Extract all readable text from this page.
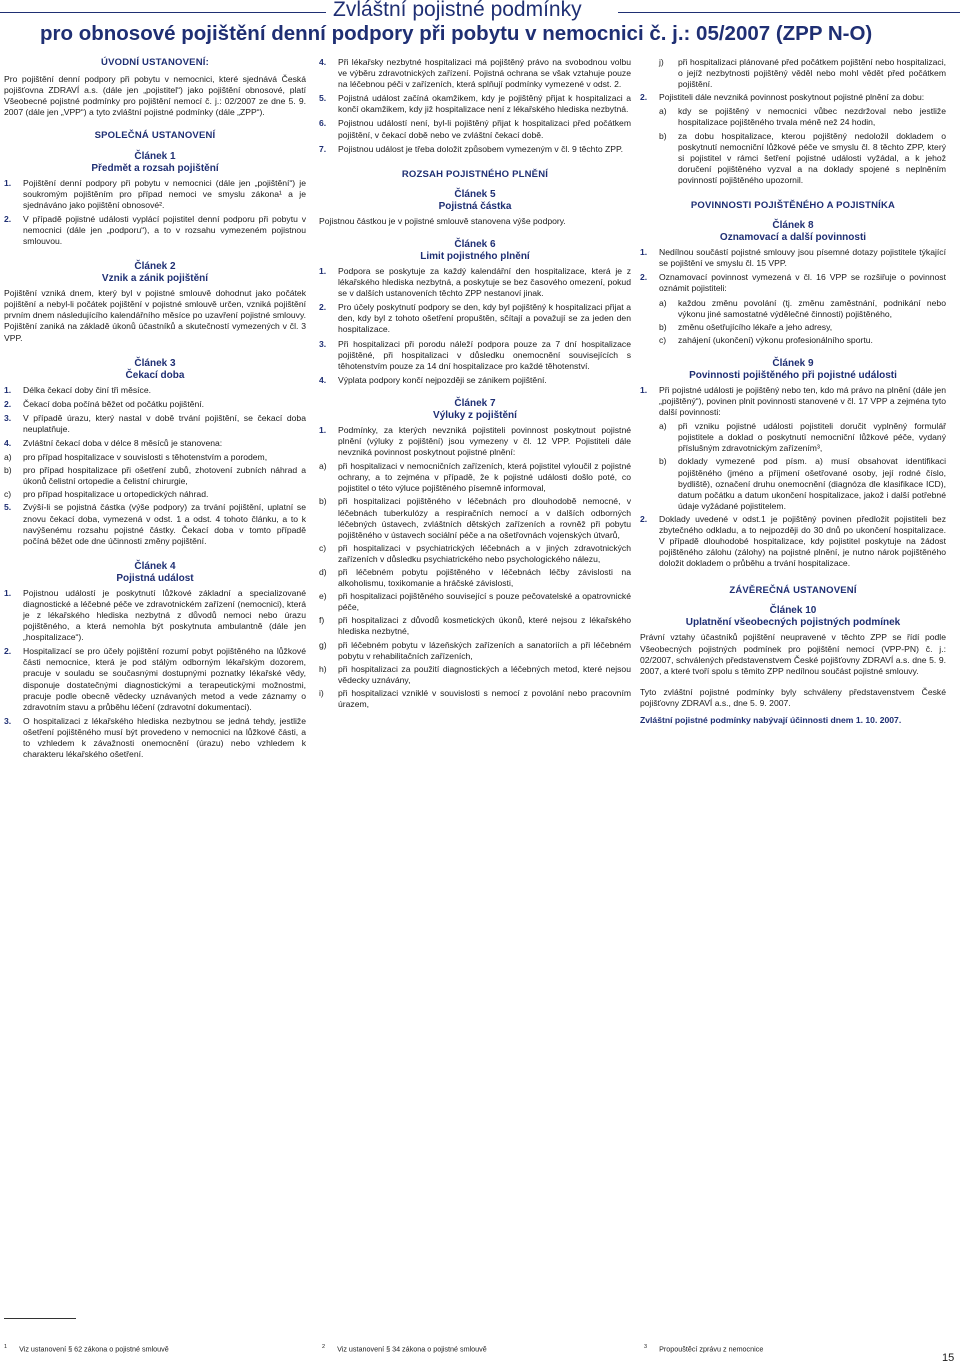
Zvláštní pojistné podmínky
pro obnosové pojištění denní podpory při pobytu v nemocnici č. j.: 05/2007 (ZPP N-O)
ÚVODNÍ USTANOVENÍ:
Pro pojištění denní podpory při pobytu v nemocnici, které sjednává Česká pojišťovna ZDRAVÍ a.s. (dále jen „pojistitel“) jako pojištění obnosové, platí Všeobecné pojistné podmínky pro pojištění nemocí č. j.: 02/2007 ze dne 5. 9. 2007 (dále jen „VPP“) a tyto zvláštní pojistné podmínky (dále „ZPP“).
SPOLEČNÁ USTANOVENÍ
Článek 1
Předmět a rozsah pojištění
1.	Pojištění denní podpory při pobytu v nemocnici (dále jen „pojištění“) je soukromým pojištěním pro případ nemoci ve smyslu zákona¹ a je sjednáváno jako pojištění obnosové².
2.	V případě pojistné události vyplácí pojistitel denní podporu při pobytu v nemocnici (dále jen „podporu“), a to v rozsahu vymezeném pojistnou smlouvou.
Článek 2
Vznik a zánik pojištění
Pojištění vzniká dnem, který byl v pojistné smlouvě dohodnut jako počátek pojištění a nebyl-li počátek pojištění v pojistné smlouvě určen, vzniká pojištění prvním dnem následujícího kalendářního měsíce po uzavření pojistné smlouvy. Pojištění zaniká na základě úkonů účastníků a skutečností vymezených v čl. 3 VPP.
Článek 3
Čekací doba
1.	Délka čekací doby činí tři měsíce.
2.	Čekací doba počíná běžet od počátku pojištění.
3.	V případě úrazu, který nastal v době trvání pojištění, se čekací doba neuplatňuje.
4.	Zvláštní čekací doba v délce 8 měsíců je stanovena:
a)	pro případ hospitalizace v souvislosti s těhotenstvím a porodem,
b)	pro případ hospitalizace při ošetření zubů, zhotovení zubních náhrad a úkonů čelistní ortopedie a čelistní chirurgie,
c)	pro případ hospitalizace u ortopedických náhrad.
5.	Zvýší-li se pojistná částka (výše podpory) za trvání pojištění, uplatní se znovu čekací doba, vymezená v odst. 1 a odst. 4 tohoto článku, a to k navýšenému rozsahu pojistné částky. Čekací doba v tomto případě počíná běžet ode dne účinnosti změny pojištění.
Článek 4
Pojistná událost
1.	Pojistnou událostí je poskytnutí lůžkové základní a specializované diagnostické a léčebné péče ve zdravotnickém zařízení (nemocnici), která je z lékařského hlediska nezbytná z důvodů nemoci nebo úrazu pojištěného, a která nemohla být poskytnuta ambulantně (dále jen „hospitalizace“).
2.	Hospitalizací se pro účely pojištění rozumí pobyt pojištěného na lůžkové části nemocnice, která je pod stálým odborným lékařským dozorem, pracuje v souladu se současnými dostupnými poznatky lékařské vědy, disponuje dostatečnými diagnostickými a terapeutickými možnostmi, pracuje podle obecně vědecky uznávaných metod a vede záznamy o zdravotním stavu a průběhu léčení (zdravotní dokumentaci).
3.	O hospitalizaci z lékařského hlediska nezbytnou se jedná tehdy, jestliže ošetření pojištěného musí být provedeno v nemocnici na lůžkové části, a to vzhledem k závažnosti onemocnění (úrazu) nebo vzhledem k charakteru lékařského ošetření.
4.	Při lékařsky nezbytné hospitalizaci má pojištěný právo na svobodnou volbu ve výběru zdravotnických zařízení. Pojistná ochrana se však vztahuje pouze na léčebnou péči v zařízeních, která splňují podmínky vymezené v odst. 2.
5.	Pojistná událost začíná okamžikem, kdy je pojištěný přijat k hospitalizaci a končí okamžikem, kdy již hospitalizace není z lékařského hlediska nezbytná.
6.	Pojistnou událostí není, byl-li pojištěný přijat k hospitalizaci před počátkem pojištění, v čekací době nebo ve zvláštní čekací době.
7.	Pojistnou událost je třeba doložit způsobem vymezeným v čl. 9 těchto ZPP.
ROZSAH POJISTNÉHO PLNĚNÍ
Článek 5
Pojistná částka
Pojistnou částkou je v pojistné smlouvě stanovena výše podpory.
Článek 6
Limit pojistného plnění
1.	Podpora se poskytuje za každý kalendářní den hospitalizace, která je z lékařského hlediska nezbytná, a poskytuje se bez časového omezení, pokud se v dalších ustanoveních těchto ZPP nestanoví jinak.
2.	Pro účely poskytnutí podpory se den, kdy byl pojištěný k hospitalizaci přijat a den, kdy byl z tohoto ošetření propuštěn, sčítají a považují se za jeden den hospitalizace.
3.	Při hospitalizaci při porodu náleží podpora pouze za 7 dní hospitalizace pojištěné, při hospitalizaci v důsledku onemocnění souvisejících s těhotenstvím pouze za 14 dní hospitalizace pro každé těhotenství.
4.	Výplata podpory končí nejpozději se zánikem pojištění.
Článek 7
Výluky z pojištění
1.	Podmínky, za kterých nevzniká pojistiteli povinnost poskytnout pojistné plnění (výluky z pojištění) jsou vymezeny v čl. 12 VPP. Pojistiteli dále nevzniká povinnost poskytnout pojistné plnění:
a)	při hospitalizaci v nemocničních zařízeních, která pojistitel vyloučil z pojistné ochrany, a to zejména v případě, že k pojistné události došlo poté, co pojistitel o této výluce pojištěného písemně informoval,
b)	při hospitalizaci pojištěného v léčebnách pro dlouhodobě nemocné, v léčebnách tuberkulózy a respiračních nemocí a v dalších odborných léčebných ústavech, zvláštních dětských zařízeních a rovněž při pobytu pojištěného v ústavech sociální péče a na ošetřovnách vojenských útvarů,
c)	při hospitalizaci v psychiatrických léčebnách a v jiných zdravotnických zařízeních v důsledku psychiatrického nebo psychologického nálezu,
d)	při léčebném pobytu pojištěného v léčebnách léčby závislosti na alkoholismu, toxikomanie a hráčské závislosti,
e)	při hospitalizaci pojištěného související s pouze pečovatelské a opatrovnické péče,
f)	při hospitalizaci z důvodů kosmetických úkonů, které nejsou z lékařského hlediska nezbytné,
g)	při léčebném pobytu v lázeňských zařízeních a sanatoriích a při léčebném pobytu v rehabilitačních zařízeních,
h)	při hospitalizaci za použití diagnostických a léčebných metod, které nejsou vědecky uznávány,
i)	při hospitalizaci vzniklé v souvislosti s nemocí z povolání nebo pracovním úrazem,
j)	při hospitalizaci plánované před počátkem pojištění nebo hospitalizaci, o jejíž nezbytnosti pojištěný věděl nebo mohl vědět před počátkem pojištění.
2.	Pojistiteli dále nevzniká povinnost poskytnout pojistné plnění za dobu:
a)	kdy se pojištěný v nemocnici vůbec nezdržoval nebo jestliže hospitalizace pojištěného trvala méně než 24 hodin,
b)	za dobu hospitalizace, kterou pojištěný nedoložil dokladem o poskytnutí nemocniční lůžkové péče ve smyslu čl. 8 těchto ZPP, který si pojistitel v rámci šetření pojistné události vyžádal, a k jehož doručení pojištěného vyzval a na doklady spojené s neplněním povinností pojištěného upozornil.
POVINNOSTI POJIŠTĚNÉHO A POJISTNÍKA
Článek 8
Oznamovací a další povinnosti
1.	Nedílnou součástí pojistné smlouvy jsou písemné dotazy pojistitele týkající se pojištění ve smyslu čl. 15 VPP.
2.	Oznamovací povinnost vymezená v čl. 16 VPP se rozšiřuje o povinnost oznámit pojistiteli:
a)	každou změnu povolání (tj. změnu zaměstnání, podnikání nebo výkonu jiné samostatné výdělečné činnosti) pojištěného,
b)	změnu ošetřujícího lékaře a jeho adresy,
c)	zahájení (ukončení) výkonu profesionálního sportu.
Článek 9
Povinnosti pojištěného při pojistné události
1.	Při pojistné události je pojištěný nebo ten, kdo má právo na plnění (dále jen „pojištěný“), povinen plnit povinnosti stanovené v čl. 17 VPP a zejména tyto další povinnosti:
a)	při vzniku pojistné události pojistiteli doručit vyplněný formulář pojistitele a doklad o poskytnutí nemocniční lůžkové péče, vydaný příslušným zdravotnickým zařízením³,
b)	doklady vymezené pod písm. a) musí obsahovat identifikaci pojištěného (jméno a příjmení ošetřované osoby, její rodné číslo, bydliště), označení druhu onemocnění (diagnóza dle klasifikace ICD), datum počátku a datum ukončení hospitalizace, jakož i další potřebné údaje vyžádané pojistitelem.
2.	Doklady uvedené v odst.1 je pojištěný povinen předložit pojistiteli bez zbytečného odkladu, a to nejpozději do 30 dnů po ukončení hospitalizace. V případě dlouhodobé hospitalizace, kdy pojistitel poskytuje na žádost pojištěného zálohu (zálohy) na pojistné plnění, je nutno nárok pojištěného doložit dokladem o průběhu a trvání hospitalizace.
ZÁVĚREČNÁ USTANOVENÍ
Článek 10
Uplatnění všeobecných pojistných podmínek
Právní vztahy účastníků pojištění neupravené v těchto ZPP se řídí podle Všeobecných pojistných podmínek pro pojištění nemocí (VPP-PN) č. j.: 02/2007, schválených představenstvem České pojišťovny ZDRAVÍ a.s. dne 5. 9. 2007, a které tvoří spolu s těmito ZPP nedílnou součást pojistné smlouvy.
Tyto zvláštní pojistné podmínky byly schváleny představenstvem České pojišťovny ZDRAVÍ a.s., dne 5. 9. 2007.
Zvláštní pojistné podmínky nabývají účinnosti dnem 1. 10. 2007.
$^1$ Viz ustanovení § 62 zákona o pojistné smlouvě	$^2$ Viz ustanovení § 34 zákona o pojistné smlouvě	$^3$ Propouštěcí zprávu z nemocnice
15
